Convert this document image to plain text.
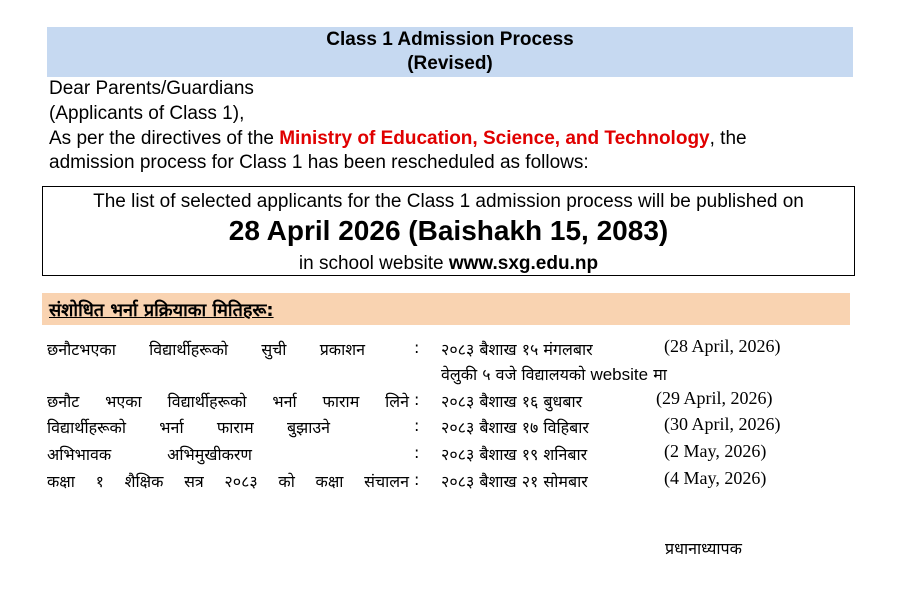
Class 1 Admission Process
(Revised)
Dear Parents/Guardians
(Applicants of Class 1),
As per the directives of the Ministry of Education, Science, and Technology, the
admission process for Class 1 has been rescheduled as follows:
The list of selected applicants for the Class 1 admission process will be published on
28 April 2026 (Baishakh 15, 2083)
in school website www.sxg.edu.np
संशोधित भर्ना प्रक्रियाका मितिहरू:
छनौटभएका विद्यार्थीहरूको सुची प्रकाशन	: २०८३ बैशाख १५ मंगलबार	(28 April, 2026)
वेलुकी ५ वजे विद्यालयको website मा
छनौट भएका विद्यार्थीहरूको भर्ना फाराम लिने : २०८३ बैशाख १६ बुधबार	(29 April, 2026)
विद्यार्थीहरूको भर्ना फाराम बुझाउने	: २०८३ बैशाख १७ विहिबार	(30 April, 2026)
अभिभावक अभिमुखीकरण	: २०८३ बैशाख १९ शनिबार	(2 May, 2026)
कक्षा १ शैक्षिक सत्र २०८३ को कक्षा संचालन : २०८३ बैशाख २१ सोमबार	(4 May, 2026)
प्रधानाध्यापक
